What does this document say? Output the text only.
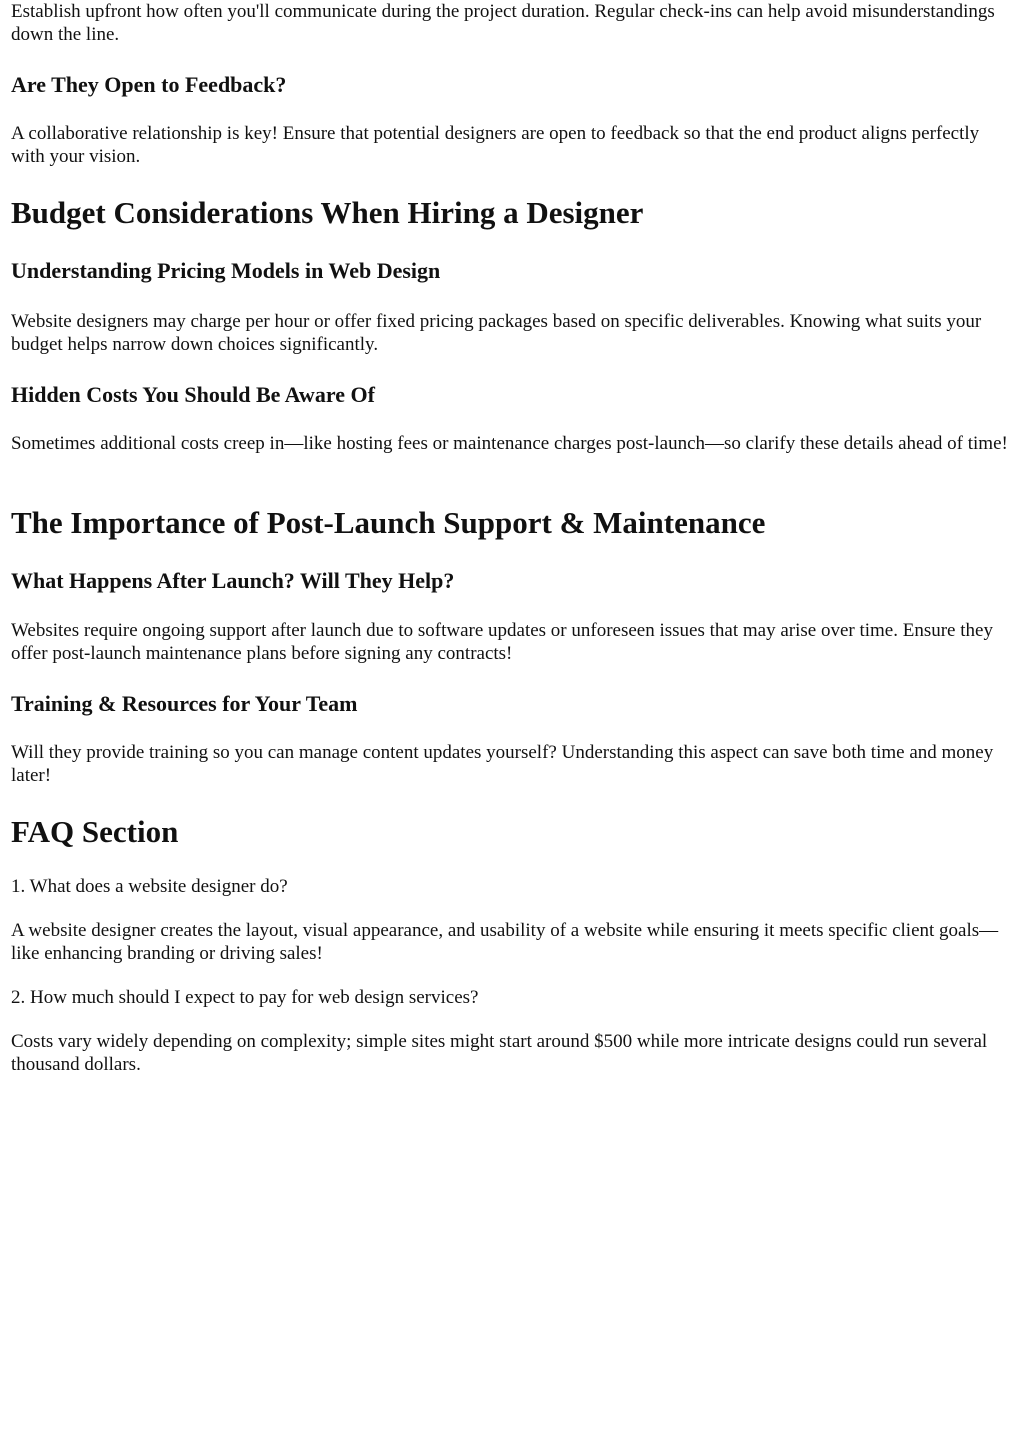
Establish upfront how often you'll communicate during the project duration. Regular check-ins can help avoid misunderstandings down the line.

Are They Open to Feedback?

A collaborative relationship is key! Ensure that potential designers are open to feedback so that the end product aligns perfectly with your vision.

Budget Considerations When Hiring a Designer
Understanding Pricing Models in Web Design

Website designers may charge per hour or offer fixed pricing packages based on specific deliverables. Knowing what suits your budget helps narrow down choices significantly.

Hidden Costs You Should Be Aware Of

Sometimes additional costs creep in—like hosting fees or maintenance charges post-launch—so clarify these details ahead of time!

The Importance of Post-Launch Support & Maintenance
What Happens After Launch? Will They Help?

Websites require ongoing support after launch due to software updates or unforeseen issues that may arise over time. Ensure they offer post-launch maintenance plans before signing any contracts!

Training & Resources for Your Team

Will they provide training so you can manage content updates yourself? Understanding this aspect can save both time and money later!

FAQ Section

1. What does a website designer do?

A website designer creates the layout, visual appearance, and usability of a website while ensuring it meets specific client goals—like enhancing branding or driving sales!

2. How much should I expect to pay for web design services?

Costs vary widely depending on complexity; simple sites might start around $500 while more intricate designs could run several thousand dollars.
